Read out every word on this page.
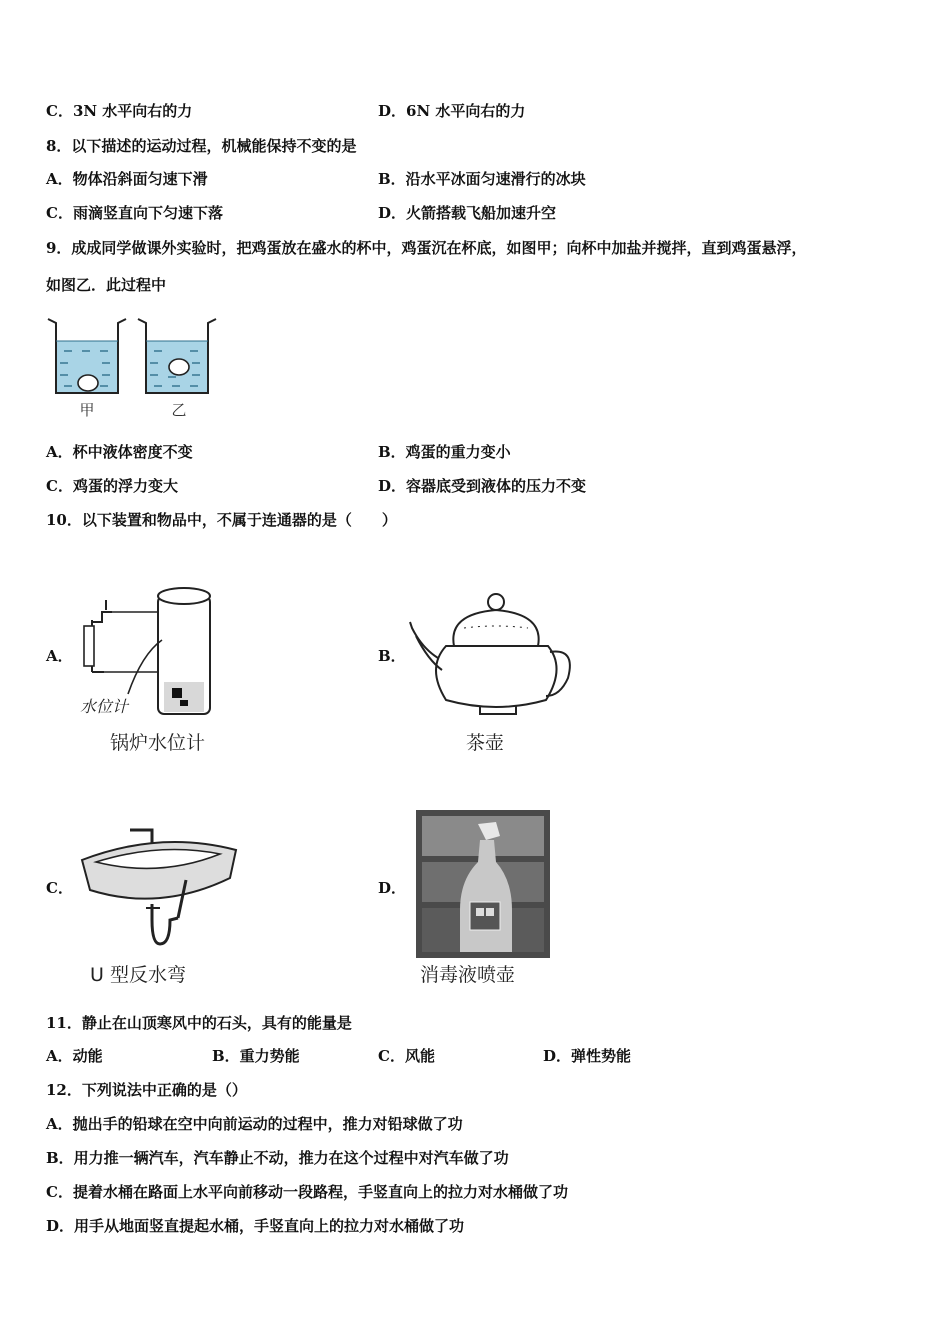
C．3N 水平向右的力	D．6N 水平向右的力
8．以下描述的运动过程，机械能保持不变的是
A．物体沿斜面匀速下滑	B．沿水平冰面匀速滑行的冰块
C．雨滴竖直向下匀速下落	D．火箭搭载飞船加速升空
9．成成同学做课外实验时，把鸡蛋放在盛水的杯中，鸡蛋沉在杯底，如图甲；向杯中加盐并搅拌，直到鸡蛋悬浮，
如图乙．此过程中
甲	乙
A．杯中液体密度不变	B．鸡蛋的重力变小
C．鸡蛋的浮力变大	D．容器底受到液体的压力不变
10．以下装置和物品中，不属于连通器的是（　　）
A．	B．
C．	D．
水位计
锅炉水位计	茶壶
U 型反水弯	消毒液喷壶
11．静止在山顶寒风中的石头，具有的能量是
A．动能	B．重力势能	C．风能	D．弹性势能
12．下列说法中正确的是（）
A．抛出手的铅球在空中向前运动的过程中，推力对铅球做了功
B．用力推一辆汽车，汽车静止不动，推力在这个过程中对汽车做了功
C．提着水桶在路面上水平向前移动一段路程，手竖直向上的拉力对水桶做了功
D．用手从地面竖直提起水桶，手竖直向上的拉力对水桶做了功
